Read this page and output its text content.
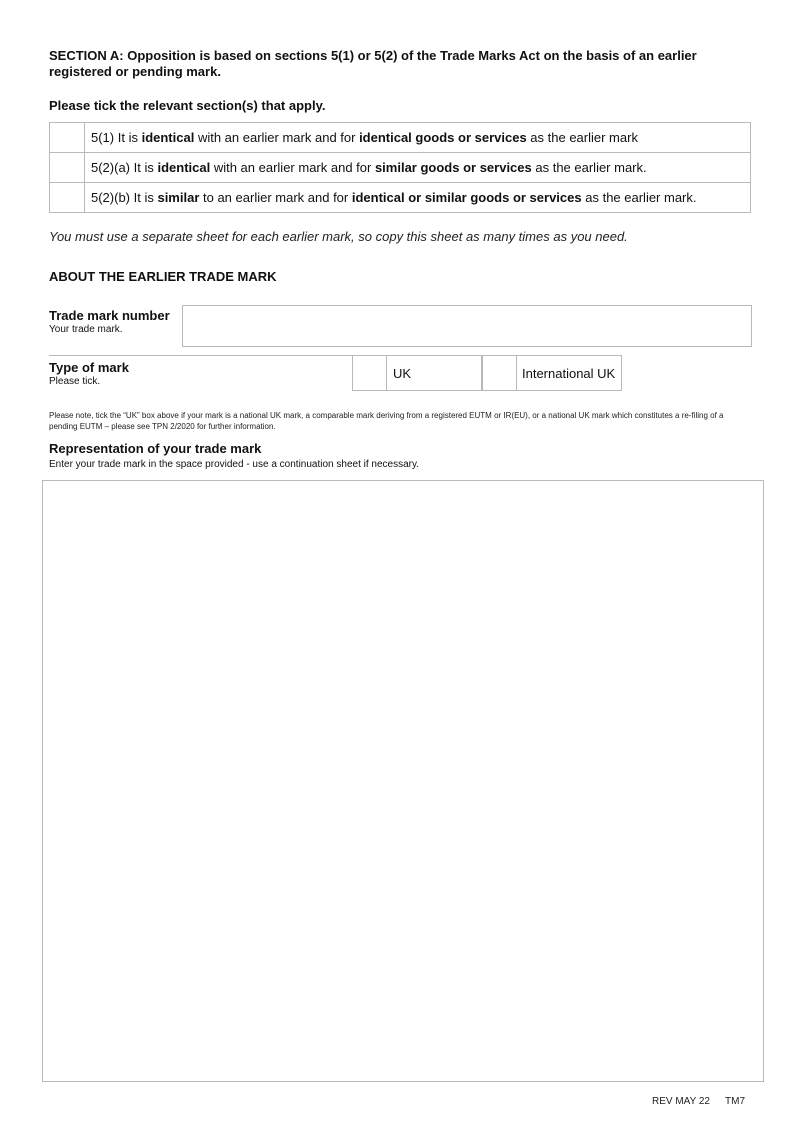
SECTION A: Opposition is based on sections 5(1) or 5(2) of the Trade Marks Act on the basis of an earlier registered or pending mark.
Please tick the relevant section(s) that apply.
	5(1) It is identical with an earlier mark and for identical goods or services as the earlier mark
	5(2)(a) It is identical with an earlier mark and for similar goods or services as the earlier mark.
	5(2)(b) It is similar to an earlier mark and for identical or similar goods or services as the earlier mark.
You must use a separate sheet for each earlier mark, so copy this sheet as many times as you need.
ABOUT THE EARLIER TRADE MARK
Trade mark number
Your trade mark.
Type of mark
Please tick.
UK	International UK
Please note, tick the “UK” box above if your mark is a national UK mark, a comparable mark deriving from a registered EUTM or IR(EU), or a national UK mark which constitutes a re-filing of a pending EUTM – please see TPN 2/2020 for further information.
Representation of your trade mark
Enter your trade mark in the space provided - use a continuation sheet if necessary.
REV MAY 22 TM7
